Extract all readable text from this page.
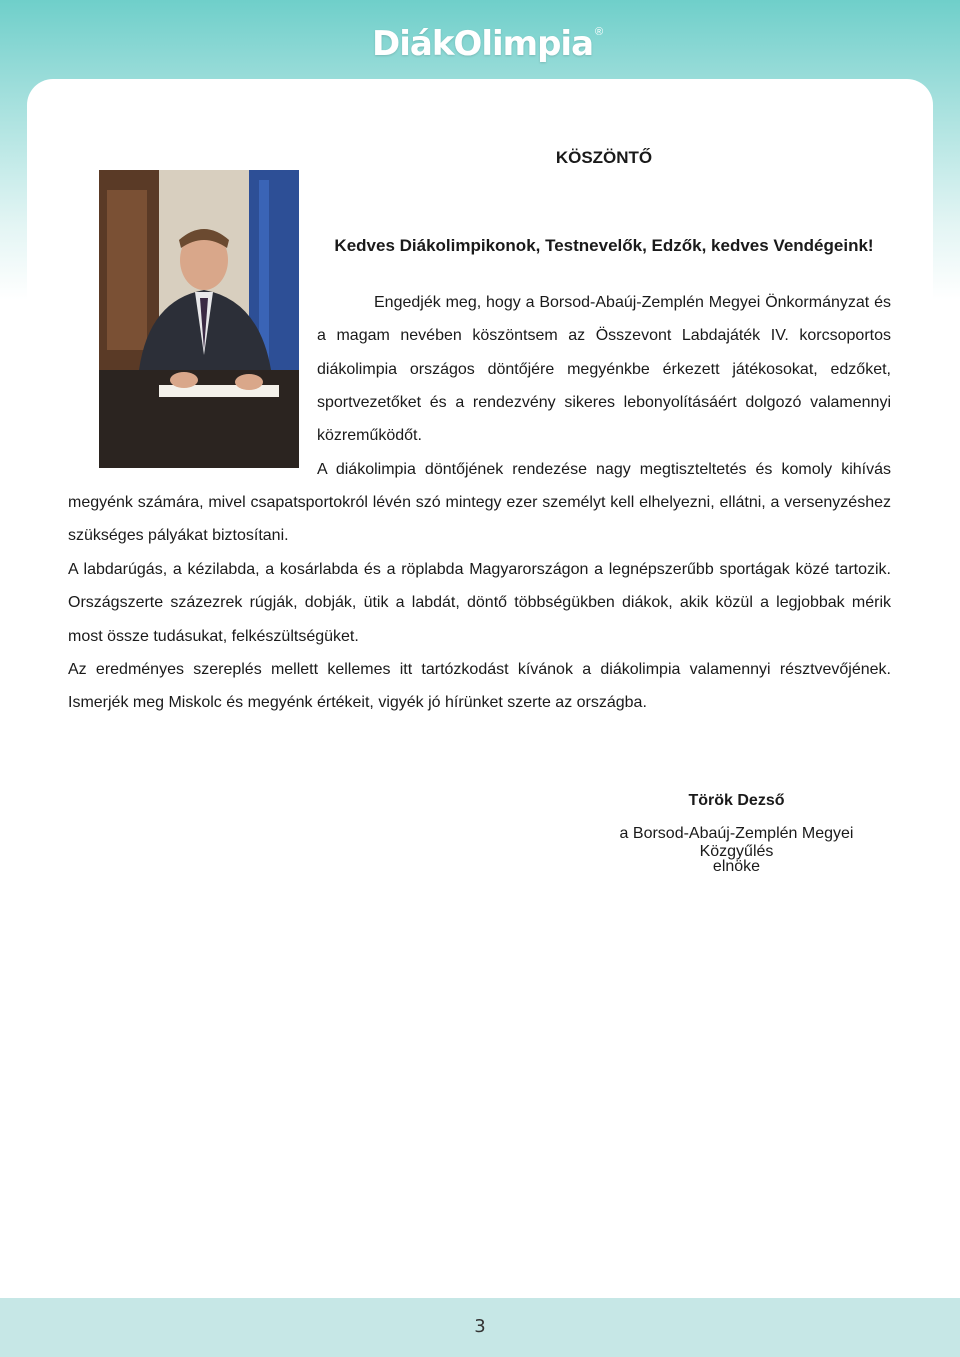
DiákOlimpia ®
KÖSZÖNTŐ
Kedves Diákolimpikonok, Testnevelők, Edzők, kedves Vendégeink!
Engedjék meg, hogy a Borsod-Abaúj-Zemplén Megyei Önkormányzat és a magam nevében köszöntsem az Összevont Labdajáték IV. korcsoportos diákolimpia országos döntőjére megyénkbe érkezett játékosokat, edzőket, sportvezetőket és a rendezvény sikeres lebonyolításáért dolgozó valamennyi közreműködőt.
A diákolimpia döntőjének rendezése nagy megtiszteltetés és komoly kihívás
megyénk számára, mivel csapatsportokról lévén szó mintegy ezer személyt kell elhelyezni, ellátni, a versenyzéshez szükséges pályákat biztosítani.
A labdarúgás, a kézilabda, a kosárlabda és a röplabda Magyarországon a legnépszerűbb sportágak közé tartozik. Országszerte százezrek rúgják, dobják, ütik a labdát, döntő többségükben diákok, akik közül a legjobbak mérik most össze tudásukat, felkészültségüket.
Az eredményes szereplés mellett kellemes itt tartózkodást kívánok a diákolimpia valamennyi résztvevőjének. Ismerjék meg Miskolc és megyénk értékeit, vigyék jó hírünket szerte az országba.
Török Dezső
a Borsod-Abaúj-Zemplén Megyei Közgyűlés
elnöke
3
